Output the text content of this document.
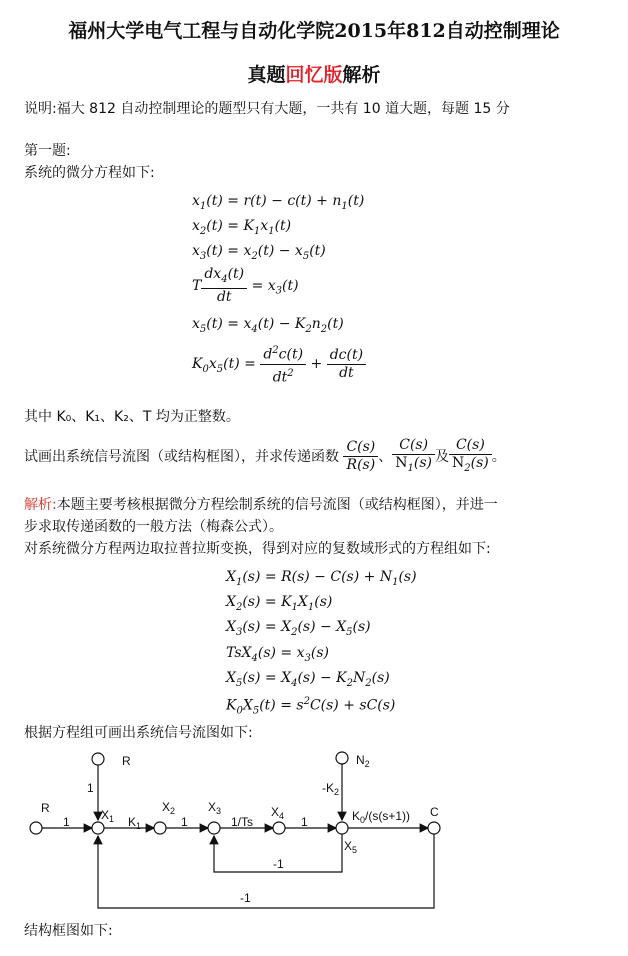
福州大学电气工程与自动化学院2015年812自动控制理论
真题回忆版解析
说明:福大 812 自动控制理论的题型只有大题，一共有 10 道大题，每题 15 分
第一题:
系统的微分方程如下:
$x_1(t) = r(t) - c(t) + n_1(t)$
$x_2(t) = K_1x_1(t)$
$x_3(t) = x_2(t) - x_5(t)$
T $\frac{dx_4(t)}{dt} = x_3(t)$
$x_5(t) = x_4(t) - K_2n_2(t)$
$K_0x_5(t) = \frac{d^2c(t)}{dt^2} + \frac{dc(t)}{dt}$
其中 K₀、K₁、K₂、T 均为正整数。
试画出系统信号流图（或结构框图），并求传递函数 $\frac{C(s)}{R(s)}$ 、 $\frac{C(s)}{N_1(s)}$ 及 $\frac{C(s)}{N_2(s)}$ 。
解析:本题主要考核根据微分方程绘制系统的信号流图（或结构框图），并进一
步求取传递函数的一般方法（梅森公式）。
对系统微分方程两边取拉普拉斯变换，得到对应的复数域形式的方程组如下:
$X_1(s) = R(s) - C(s) + N_1(s)$
$X_2(s) = K_1X_1(s)$
$X_3(s) = X_2(s) - X_5(s)$
$TsX_4(s) = x_3(s)$
$X_5(s) = X_4(s) - K_2N_2(s)$
$K_0X_5(t) = s^2C(s) + sC(s)$
根据方程组可画出系统信号流图如下:
R
R
$X_1$
$X_2$	$X_3$	$X_4$
$X_5$
$N_2$
C
1
1
$K_1$	1	1/Ts	1
-1
$-K_2$
$K_0/(s(s+1))$
-1
结构框图如下:
